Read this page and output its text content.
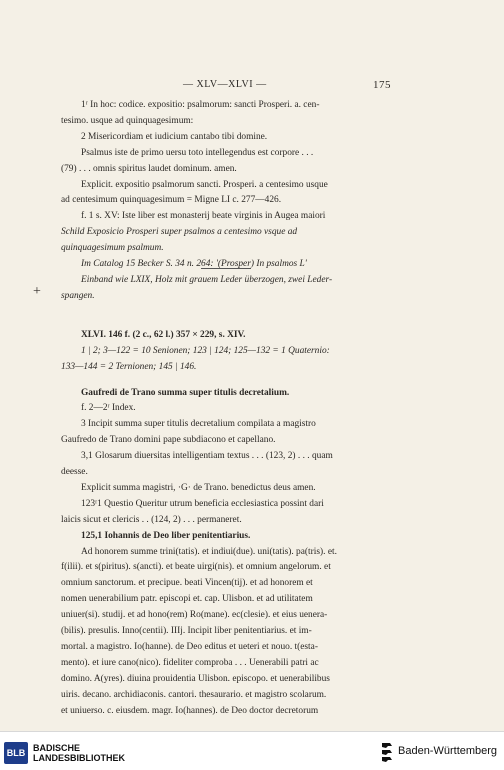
— XLV—XLVI —	175

1ʳ In hoc: codice. expositio: psalmorum: sancti Prosperi. a. cen-

tesimo. usque ad quinquagesimum:

2 Misericordiam et iudicium cantabo tibi domine.

Psalmus iste de primo uersu toto intellegendus est corpore . . .

(79) . . . omnis spiritus laudet dominum. amen.

Explicit. expositio psalmorum sancti. Prosperi. a centesimo usque

ad centesimum quinquagesimum = Migne LI c. 277—426.

f. 1 s. XV: Iste liber est monasterij beate virginis in Augea maiori

Schild Exposicio Prosperi super psalmos a centesimo vsque ad

quinquagesimum psalmum.

Im Catalog 15 Becker S. 34 n. 264: '(Prosper) In psalmos L'

Einband wie LXIX, Holz mit grauem Leder überzogen, zwei Leder-

spangen.

XLVI. 146 f. (2 c., 62 l.) 357 × 229, s. XIV.

1 | 2; 3—122 = 10 Senionen; 123 | 124; 125—132 = 1 Quaternio:

133—144 = 2 Ternionen; 145 | 146.

Gaufredi de Trano summa super titulis decretalium.

f. 2—2ʳ Index.

3 Incipit summa super titulis decretalium compilata a magistro

Gaufredo de Trano domini pape subdiacono et capellano.

3,1 Glosarum diuersitas intelligentiam textus . . . (123, 2) . . . quam

deesse.

Explicit summa magistri, ·G· de Trano. benedictus deus amen.

123ʳ1 Questio Queritur utrum beneficia ecclesiastica possint dari

laicis sicut et clericis . . (124, 2) . . . permaneret.

125,1 Iohannis de Deo liber penitentiarius.

Ad honorem summe trini(tatis). et indiui(due). uni(tatis). pa(tris). et.

f(ilii). et s(piritus). s(ancti). et beate uirgi(nis). et omnium angelorum. et

omnium sanctorum. et precipue. beati Vincen(tij). et ad honorem et

nomen uenerabilium patr. episcopi et. cap. Ulisbon. et ad utilitatem

uniuer(si). studij. et ad hono(rem) Ro(mane). ec(clesie). et eius uenera-

(bilis). presulis. Inno(centii). IIIj. Incipit liber penitentiarius. et im-

mortal. a magistro. Io(hanne). de Deo editus et ueteri et nouo. t(esta-

mento). et iure cano(nico). fideliter comproba . . . Uenerabili patri ac

domino. A(yres). diuina prouidentia Ulisbon. episcopo. et uenerabilibus

uiris. decano. archidiaconis. cantori. thesaurario. et magistro scolarum.

et uniuerso. c. eiusdem. magr. Io(hannes). de Deo doctor decretorum

+
BLB BADISCHE
LANDESBIBLIOTHEK
Baden-Württemberg
